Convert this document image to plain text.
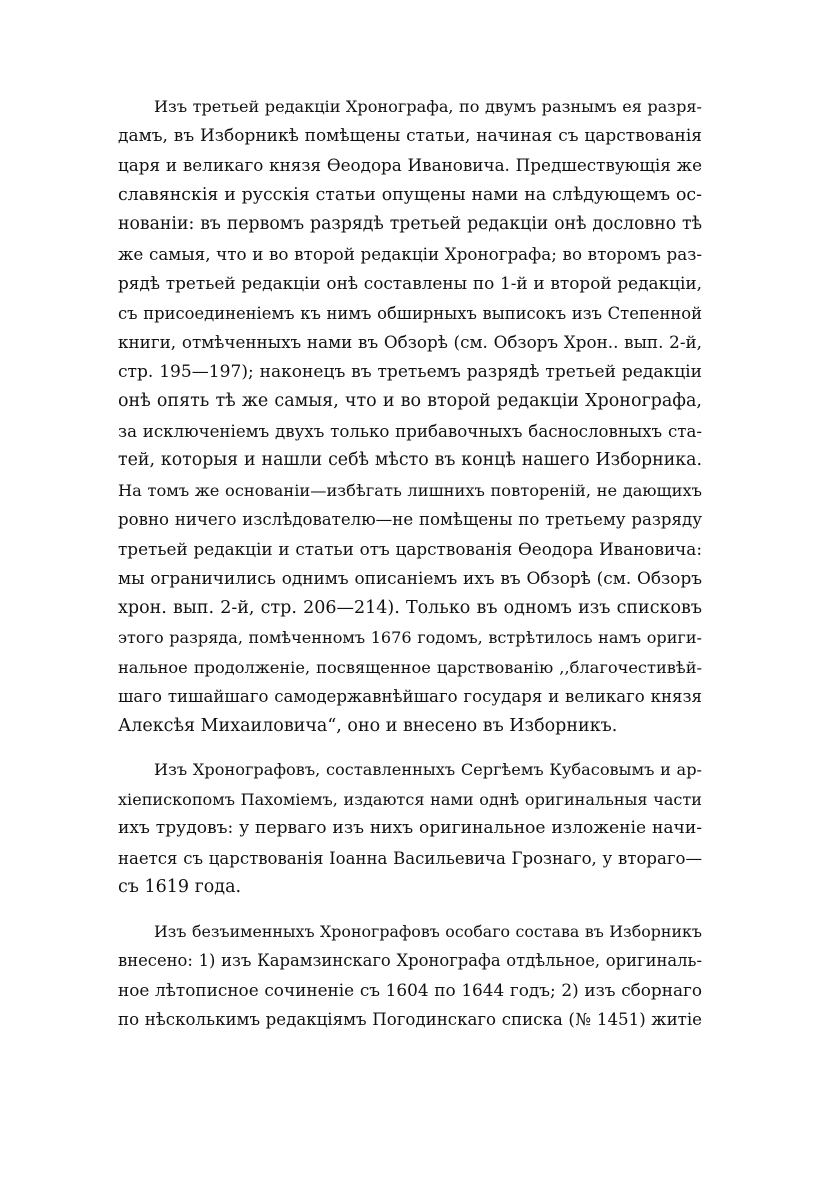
Изъ третьей редакціи Хронографа, по двумъ разнымъ ея разря-
дамъ, въ Изборникѣ помѣщены статьи, начиная съ царствованія
царя и великаго князя Ѳеодора Ивановича. Предшествующія же
славянскія и русскія статьи опущены нами на слѣдующемъ ос-
нованіи: въ первомъ разрядѣ третьей редакціи онѣ дословно тѣ
же самыя, что и во второй редакціи Хронографа; во второмъ раз-
рядѣ третьей редакціи онѣ составлены по 1-й и второй редакціи,
съ присоединеніемъ къ нимъ обширныхъ выписокъ изъ Степенной
книги, отмѣченныхъ нами въ Обзорѣ (см. Обзоръ Хрон.. вып. 2-й,
стр. 195—197); наконецъ въ третьемъ разрядѣ третьей редакціи
онѣ опять тѣ же самыя, что и во второй редакціи Хронографа,
за исключеніемъ двухъ только прибавочныхъ баснословныхъ ста-
тей, которыя и нашли себѣ мѣсто въ концѣ нашего Изборника.
На томъ же основаніи—избѣгать лишнихъ повтореній, не дающихъ
ровно ничего изслѣдователю—не помѣщены по третьему разряду
третьей редакціи и статьи отъ царствованія Ѳеодора Ивановича:
мы ограничились однимъ описаніемъ ихъ въ Обзорѣ (см. Обзоръ
хрон. вып. 2-й, стр. 206—214). Только въ одномъ изъ списковъ
этого разряда, помѣченномъ 1676 годомъ, встрѣтилось намъ ориги-
нальное продолженіе, посвященное царствованію ,,благочестивѣй-
шаго тишайшаго самодержавнѣйшаго государя и великаго князя
Алексѣя Михаиловича“, оно и внесено въ Изборникъ.

Изъ Хронографовъ, составленныхъ Сергѣемъ Кубасовымъ и ар-
хіепископомъ Пахоміемъ, издаются нами однѣ оригинальныя части
ихъ трудовъ: у перваго изъ нихъ оригинальное изложеніе начи-
нается съ царствованія Іоанна Васильевича Грознаго, у втораго—
съ 1619 года.

Изъ безъименныхъ Хронографовъ особаго состава въ Изборникъ
внесено: 1) изъ Карамзинскаго Хронографа отдѣльное, оригиналь-
ное лѣтописное сочиненіе съ 1604 по 1644 годъ; 2) изъ сборнаго
по нѣсколькимъ редакціямъ Погодинскаго списка (№ 1451) житіе
